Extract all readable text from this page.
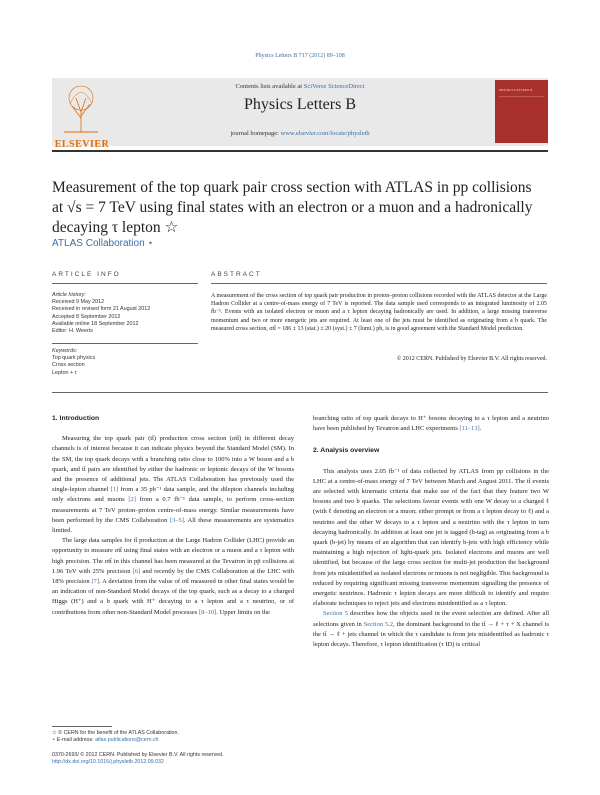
Physics Letters B 717 (2012) 89–108
ELSEVIER
Contents lists available at SciVerse ScienceDirect
Physics Letters B
journal homepage: www.elsevier.com/locate/physletb
PHYSICS LETTERS B
Measurement of the top quark pair cross section with ATLAS in pp collisions
at √s = 7 TeV using final states with an electron or a muon and a hadronically
decaying τ lepton ☆
ATLAS Collaboration ⋆
ARTICLE INFO
Article history:
Received 9 May 2012
Received in revised form 21 August 2012
Accepted 8 September 2012
Available online 18 September 2012
Editor: H. Weerts
Keywords:
Top quark physics
Cross section
Lepton + τ
ABSTRACT
A measurement of the cross section of top quark pair production in proton–proton collisions recorded with the ATLAS detector at the Large Hadron Collider at a centre-of-mass energy of 7 TeV is reported. The data sample used corresponds to an integrated luminosity of 2.05 fb⁻¹. Events with an isolated electron or muon and a τ lepton decaying hadronically are used. In addition, a large missing transverse momentum and two or more energetic jets are required. At least one of the jets must be identified as originating from a b quark. The measured cross section, σtt̄ = 186 ± 13 (stat.) ± 20 (syst.) ± 7 (lumi.) pb, is in good agreement with the Standard Model prediction.
© 2012 CERN. Published by Elsevier B.V. All rights reserved.
1. Introduction

Measuring the top quark pair (tt̄) production cross section (σtt̄) in different decay channels is of interest because it can indicate physics beyond the Standard Model (SM). In the SM, the top quark decays with a branching ratio close to 100% into a W boson and a b quark, and tt̄ pairs are identified by either the hadronic or leptonic decays of the W bosons and the presence of additional jets. The ATLAS Collaboration has previously used the single-lepton channel [1] from a 35 pb⁻¹ data sample, and the dilepton channels including only electrons and muons [2] from a 0.7 fb⁻¹ data sample, to perform cross-section measurements at 7 TeV proton–proton centre-of-mass energy. Similar measurements have been performed by the CMS Collaboration [3–5]. All these measurements are systematics limited.

The large data samples for tt̄ production at the Large Hadron Collider (LHC) provide an opportunity to measure σtt̄ using final states with an electron or a muon and a τ lepton with high precision. The σtt̄ in this channel has been measured at the Tevatron in pp̄ collisions at 1.96 TeV with 25% precision [6] and recently by the CMS Collaboration at the LHC with 18% precision [7]. A deviation from the value of σtt̄ measured in other final states would be an indication of non-Standard Model decays of the top quark, such as a decay to a charged Higgs (H⁺) and a b quark with H⁺ decaying to a τ lepton and a τ neutrino, or of contributions from other non-Standard Model processes [8–10]. Upper limits on the

branching ratio of top quark decays to H⁺ bosons decaying to a τ lepton and a neutrino have been published by Tevatron and LHC experiments [11–13].

2. Analysis overview

This analysis uses 2.05 fb⁻¹ of data collected by ATLAS from pp collisions in the LHC at a centre-of-mass energy of 7 TeV between March and August 2011. The tt̄ events are selected with kinematic criteria that make use of the fact that they feature two W bosons and two b quarks. The selections favour events with one W decay to a charged ℓ (with ℓ denoting an electron or a muon; either prompt or from a τ lepton decay to ℓ) and a neutrino and the other W decays to a τ lepton and a neutrino with the τ lepton in turn decaying hadronically. In addition at least one jet is tagged (b-tag) as originating from a b quark (b-jet) by means of an algorithm that can identify b-jets with high efficiency while maintaining a high rejection of light-quark jets. Isolated electrons and muons are well identified, but because of the large cross section for multi-jet production the background from jets misidentified as isolated electrons or muons is not negligible. This background is reduced by requiring significant missing transverse momentum signalling the presence of energetic neutrinos. Hadronic τ lepton decays are more difficult to identify and require elaborate techniques to reject jets and electrons misidentified as a τ lepton.

Section 5 describes how the objects used in the event selection are defined. After all selections given in Section 5.2, the dominant background to the tt̄ → ℓ + τ + X channel is the tt̄ → ℓ + jets channel in which the τ candidate is from jets misidentified as hadronic τ lepton decays. Therefore, τ lepton identification (τ ID) is critical

☆ © CERN for the benefit of the ATLAS Collaboration.
⋆ E-mail address: atlas.publications@cern.ch
0370-2693/ © 2012 CERN. Published by Elsevier B.V. All rights reserved.
http://dx.doi.org/10.1016/j.physletb.2012.09.032
